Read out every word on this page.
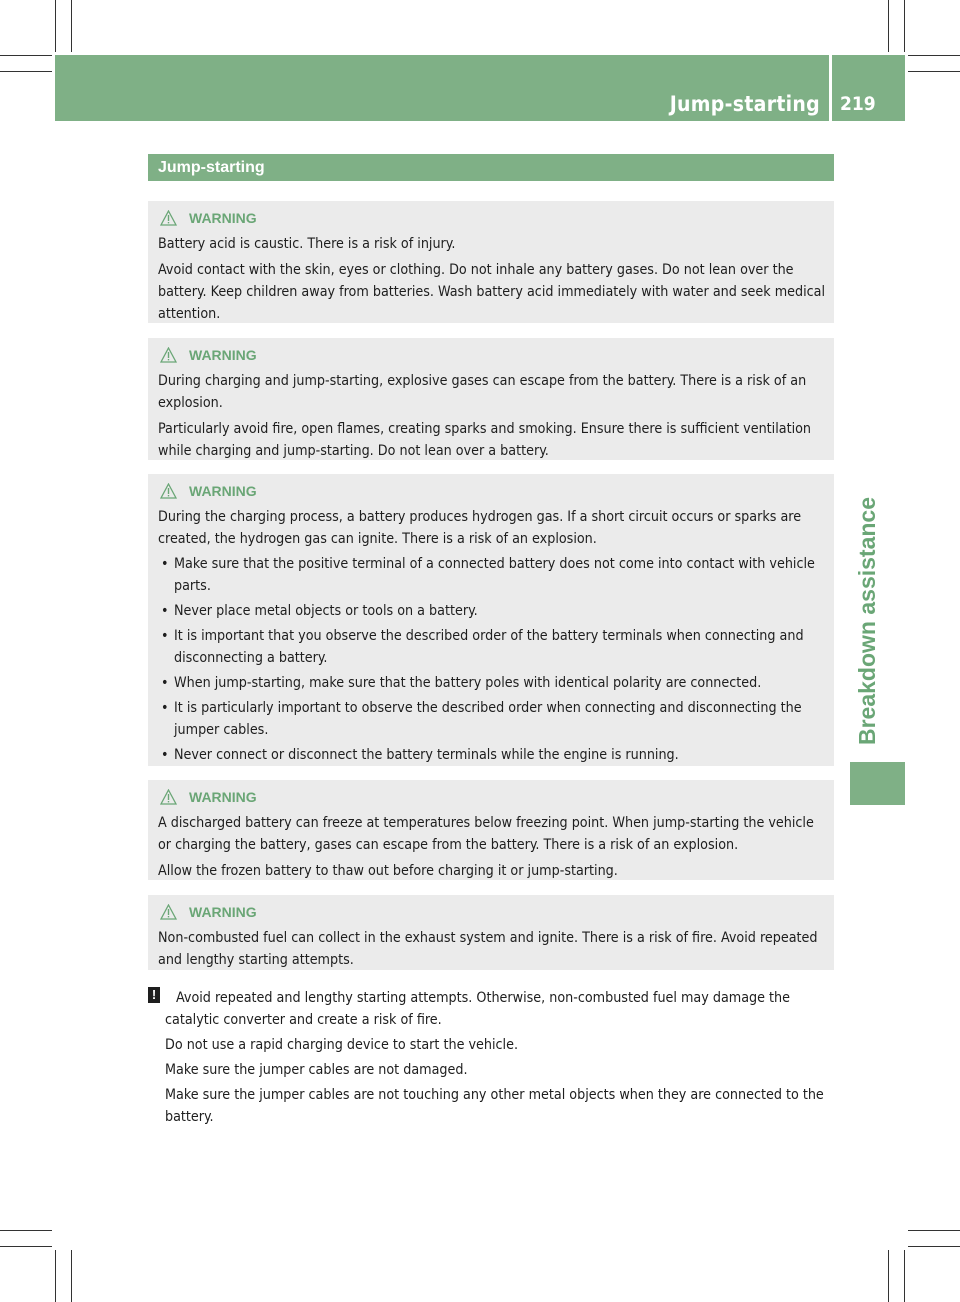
Jump-starting 219
Breakdown assistance
Jump-starting
WARNING

Battery acid is caustic. There is a risk of injury.

Avoid contact with the skin, eyes or clothing. Do not inhale any battery gases. Do not lean over the battery. Keep children away from batteries. Wash battery acid immediately with water and seek medical attention.

WARNING

During charging and jump-starting, explosive gases can escape from the battery. There is a risk of an explosion.

Particularly avoid fire, open flames, creating sparks and smoking. Ensure there is sufficient ventilation while charging and jump-starting. Do not lean over a battery.

WARNING

During the charging process, a battery produces hydrogen gas. If a short circuit occurs or sparks are created, the hydrogen gas can ignite. There is a risk of an explosion.

• Make sure that the positive terminal of a connected battery does not come into contact with vehicle parts.
• Never place metal objects or tools on a battery.
• It is important that you observe the described order of the battery terminals when connecting and disconnecting a battery.
• When jump-starting, make sure that the battery poles with identical polarity are connected.
• It is particularly important to observe the described order when connecting and disconnecting the jumper cables.
• Never connect or disconnect the battery terminals while the engine is running.
WARNING

A discharged battery can freeze at temperatures below freezing point. When jump-starting the vehicle or charging the battery, gases can escape from the battery. There is a risk of an explosion.

Allow the frozen battery to thaw out before charging it or jump-starting.

WARNING

Non-combusted fuel can collect in the exhaust system and ignite. There is a risk of fire. Avoid repeated and lengthy starting attempts.

!	Avoid repeated and lengthy starting attempts. Otherwise, non-combusted fuel may damage the catalytic converter and create a risk of fire.

Do not use a rapid charging device to start the vehicle.

Make sure the jumper cables are not damaged.

Make sure the jumper cables are not touching any other metal objects when they are connected to the battery.
